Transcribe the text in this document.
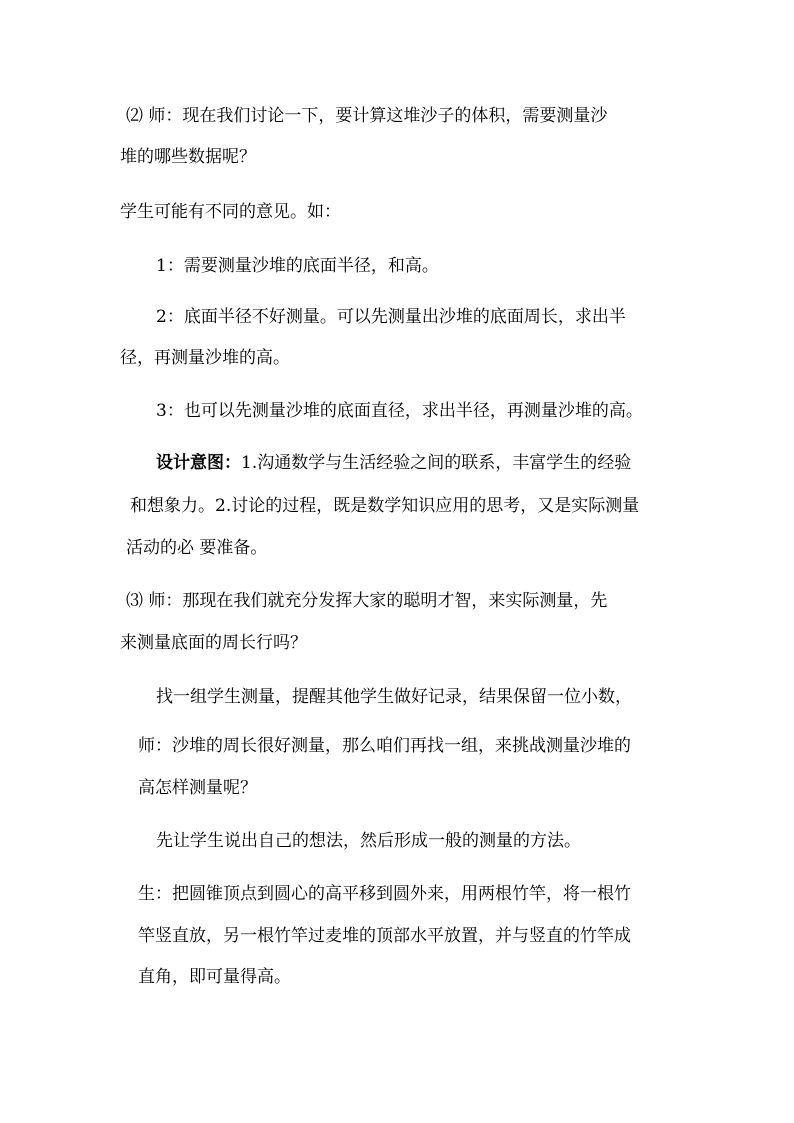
⑵ 师：现在我们讨论一下，要计算这堆沙子的体积，需要测量沙
堆的哪些数据呢？
学生可能有不同的意见。如：
1：需要测量沙堆的底面半径，和高。
2：底面半径不好测量。可以先测量出沙堆的底面周长，求出半
径，再测量沙堆的高。
3：也可以先测量沙堆的底面直径，求出半径，再测量沙堆的高。
设计意图：1.沟通数学与生活经验之间的联系，丰富学生的经验
和想象力。2.讨论的过程，既是数学知识应用的思考，又是实际测量
活动的必 要准备。
⑶ 师：那现在我们就充分发挥大家的聪明才智，来实际测量，先
来测量底面的周长行吗？
找一组学生测量，提醒其他学生做好记录，结果保留一位小数，
师：沙堆的周长很好测量，那么咱们再找一组，来挑战测量沙堆的
高怎样测量呢？
先让学生说出自己的想法，然后形成一般的测量的方法。
生：把圆锥顶点到圆心的高平移到圆外来，用两根竹竿，将一根竹
竿竖直放，另一根竹竿过麦堆的顶部水平放置，并与竖直的竹竿成
直角，即可量得高。
